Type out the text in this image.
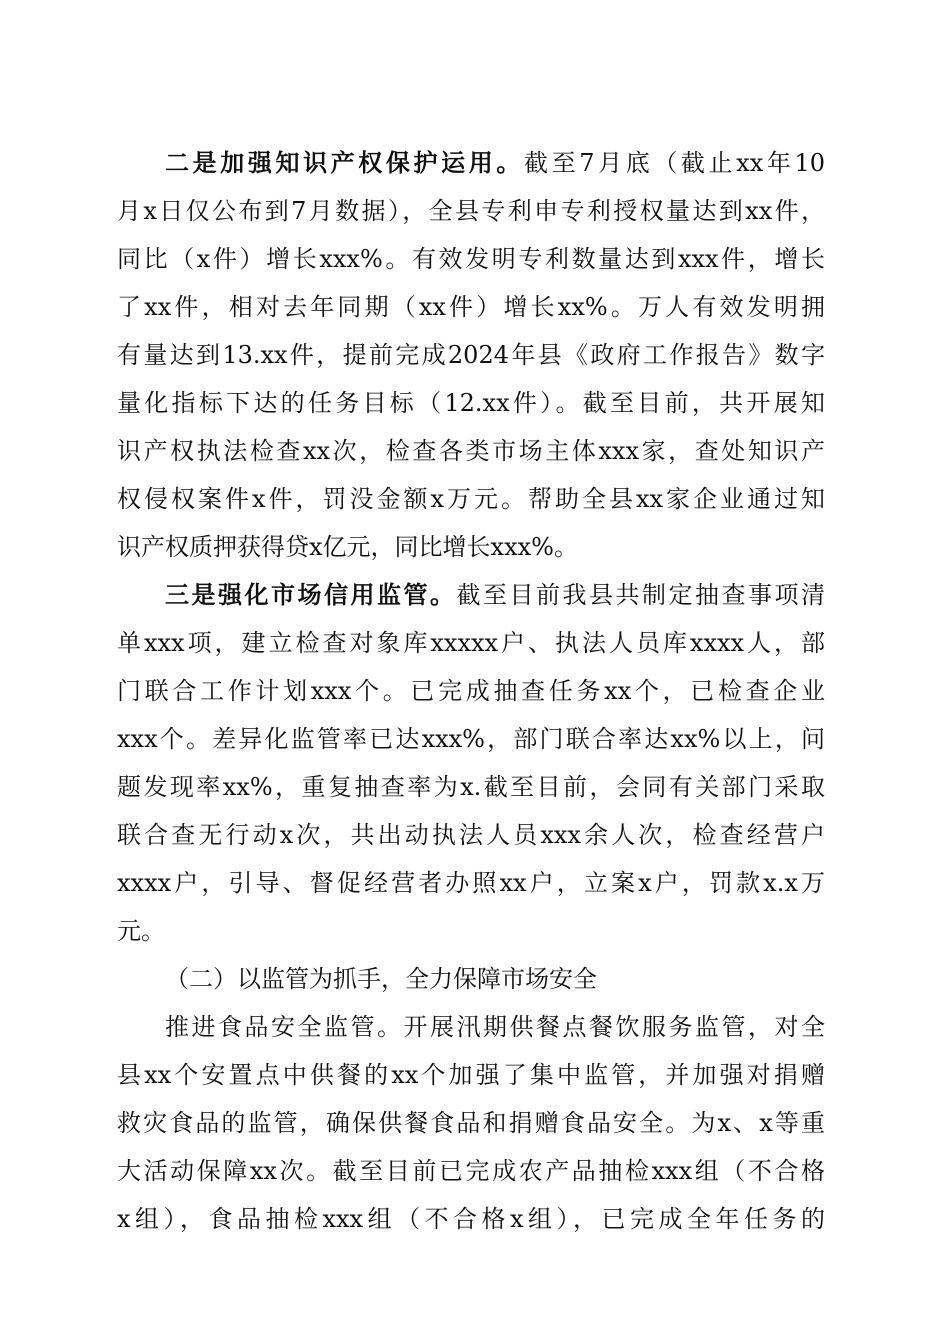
二是加强知识产权保护运用。截至7月底（截止xx年10
月x日仅公布到7月数据），全县专利申专利授权量达到xx件，
同比（x件）增长xxx%。有效发明专利数量达到xxx件，增长
了xx件，相对去年同期（xx件）增长xx%。万人有效发明拥
有量达到13.xx件，提前完成2024年县《政府工作报告》数字
量化指标下达的任务目标（12.xx件）。截至目前，共开展知
识产权执法检查xx次，检查各类市场主体xxx家，查处知识产
权侵权案件x件，罚没金额x万元。帮助全县xx家企业通过知
识产权质押获得贷x亿元，同比增长xxx%。
三是强化市场信用监管。截至目前我县共制定抽查事项清
单xxx项，建立检查对象库xxxxx户、执法人员库xxxx人，部
门联合工作计划xxx个。已完成抽查任务xx个，已检查企业
xxx个。差异化监管率已达xxx%，部门联合率达xx%以上，问
题发现率xx%，重复抽查率为x.截至目前，会同有关部门采取
联合查无行动x次，共出动执法人员xxx余人次，检查经营户
xxxx户，引导、督促经营者办照xx户，立案x户，罚款x.x万
元。
（二）以监管为抓手，全力保障市场安全
推进食品安全监管。开展汛期供餐点餐饮服务监管，对全
县xx个安置点中供餐的xx个加强了集中监管，并加强对捐赠
救灾食品的监管，确保供餐食品和捐赠食品安全。为x、x等重
大活动保障xx次。截至目前已完成农产品抽检xxx组（不合格
x组），食品抽检xxx组（不合格x组），已完成全年任务的
